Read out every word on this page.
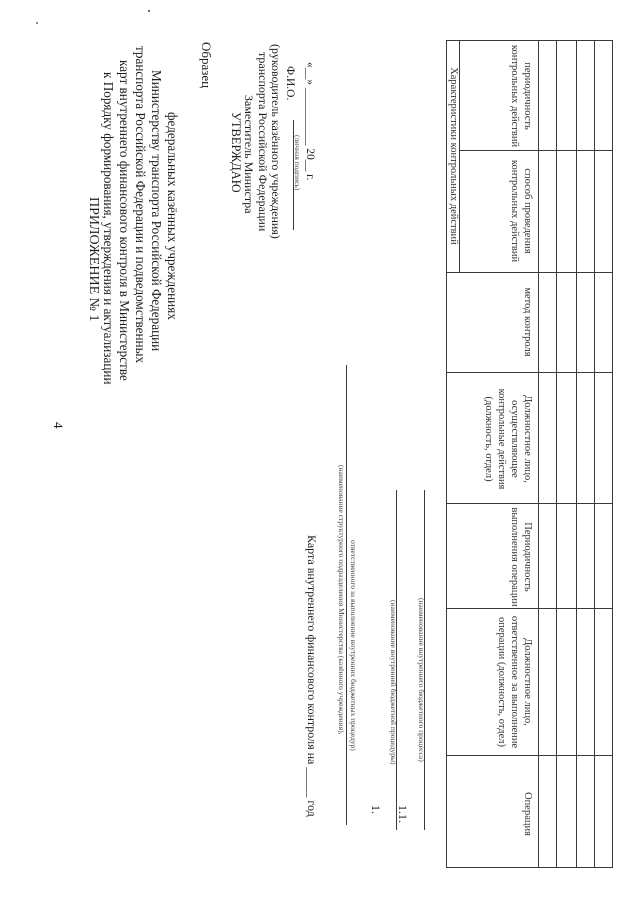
4
ПРИЛОЖЕНИЕ № 1 к Порядку формирования, утверждения и актуализации карт внутреннего финансового контроля в Министерстве транспорта Российской Федерации и подведомственных Министерству транспорта Российской Федерации федеральных казённых учреждениях
Образец
УТВЕРЖДАЮ Заместитель Министра транспорта Российской Федерации (руководитель казённого учреждения) Ф.И.О.
(личная подпись) «__» __________ 20__ г.
Карта внутреннего финансового контроля на _____ год (наименование структурного подразделения Министерства (казённого учреждения), ответственного за выполнение внутренних бюджетных процедур)
1.
(наименование внутренней бюджетной процедуры)
1.1.
(наименование внутреннего бюджетного процесса)
Операция
Должностное лицо, ответственное за выполнение операции (должность, отдел)
Периодичность выполнения операции
Должностное лицо, осуществляющее контрольные действия (должность, отдел)
Характеристики контрольных действий
метод контроля
способ проведения контрольных действий
периодичность контрольных действий
